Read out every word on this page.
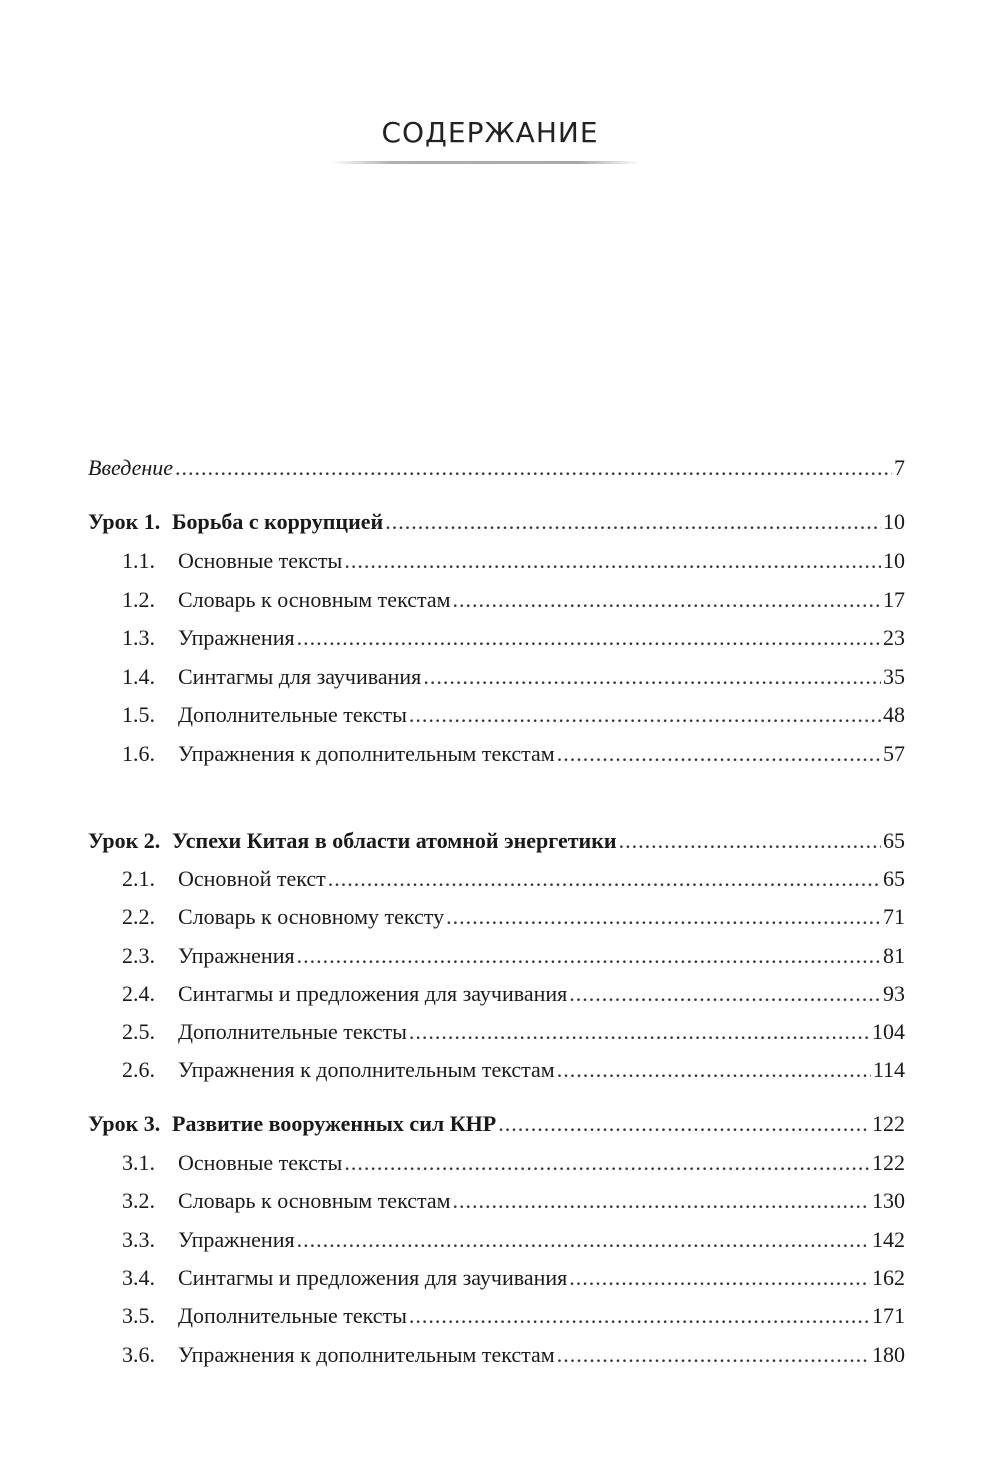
СОДЕРЖАНИЕ
Введение .....	7
Урок 1. Борьба с коррупцией .....	10
1.1.	Основные тексты .....	10
1.2.	Словарь к основным текстам .....	17
1.3.	Упражнения .....	23
1.4.	Синтагмы для заучивания .....	35
1.5.	Дополнительные тексты .....	48
1.6.	Упражнения к дополнительным текстам .....	57
Урок 2. Успехи Китая в области атомной энергетики .....	65
2.1.	Основной текст .....	65
2.2.	Словарь к основному тексту .....	71
2.3.	Упражнения .....	81
2.4.	Синтагмы и предложения для заучивания .....	93
2.5.	Дополнительные тексты .....	104
2.6.	Упражнения к дополнительным текстам .....	114
Урок 3. Развитие вооруженных сил КНР .....	122
3.1.	Основные тексты .....	122
3.2.	Словарь к основным текстам .....	130
3.3.	Упражнения .....	142
3.4.	Синтагмы и предложения для заучивания .....	162
3.5.	Дополнительные тексты .....	171
3.6.	Упражнения к дополнительным текстам .....	180
